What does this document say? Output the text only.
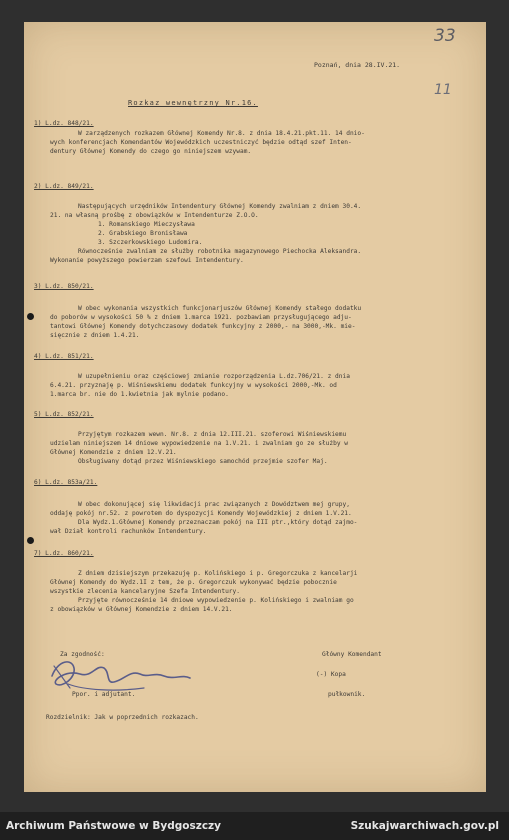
33
11
Poznań, dnia 28.IV.21.
Rozkaz wewnętrzny Nr.16.
1) L.dz. 848/21.

W zarządzenych rozkazem Głównej Komendy Nr.8. z dnia 18.4.21.pkt.11. 14 dnio-

wych konferencjach Komendantów Wojewódzkich uczestniczyć będzie odtąd szef Inten-

dentury Głównej Komendy do czego go niniejszem wzywam.

2) L.dz. 849/21.

Następujących urzędników Intendentury Głównej Komendy zwalniam z dniem 30.4.

21. na własną prośbę z obowiązków w Intendenturze Z.O.O.

1. Romanskiego Mieczysława

2. Grabskiego Bronisława

3. Szczerkowskiego Ludomira.

Równocześnie zwalniam ze służby robotnika magazynowego Piechocka Aleksandra.

Wykonanie powyższego powierzam szefowi Intendentury.

3) L.dz. 850/21.

W obec wykonania wszystkich funkcjonarjuszów Głównej Komendy stałego dodatku

do poborów w wysokości 50 % z dniem 1.marca 1921. pozbawiam przysługującego adju-

tantowi Głównej Komendy dotychczasowy dodatek funkcyjny z 2000,- na 3000,-Mk. mie-

sięcznie z dniem 1.4.21.

4) L.dz. 851/21.

W uzupełnieniu oraz częściowej zmianie rozporządzenia L.dz.706/21. z dnia

6.4.21. przyznaję p. Wiśniewskiemu dodatek funkcyjny w wysokości 2000,-Mk. od

1.marca br. nie do 1.kwietnia jak mylnie podano.

5) L.dz. 852/21.

Przyjętym rozkazem wewn. Nr.8. z dnia 12.III.21. szoferowi Wiśniewskiemu

udzielam niniejszem 14 dniowe wypowiedzenie na 1.V.21. i zwalniam go ze służby w

Głównej Komendzie z dniem 12.V.21.

Obsługiwany dotąd przez Wiśniewskiego samochód przejmie szofer Maj.

6) L.dz. 853a/21.

W obec dokonującej się likwidacji prac związanych z Dowództwem mej grupy,

oddaję pokój nr.52. z powrotem do dyspozycji Komendy Wojewódzkiej z dniem 1.V.21.

Dla Wydz.1.Głównej Komendy przeznaczam pokój na III ptr.,który dotąd zajmo-

wał Dział kontroli rachunków Intendentury.

7) L.dz. 860/21.

Z dniem dzisiejszym przekazuję p. Kolińskiego i p. Gregorczuka z kancelarji

Głównej Komendy do Wydz.1I z tem, że p. Gregorczuk wykonywać będzie pobocznie

wszystkie zlecenia kancelaryjne Szefa Intendentury.

Przyjęte równocześnie 14 dniowe wypowiedzenie p. Kolińskiego i zwalniam go

z obowiązków w Głównej Komendzie z dniem 14.V.21.

Za zgodność:
Ppor. i adjutant.
Główny Komendant
(-) Kopa
pułkownik.
Rozdzielnik: Jak w poprzednich rozkazach.
Archiwum Państwowe w Bydgoszczy	Szukajwarchiwach.gov.pl
